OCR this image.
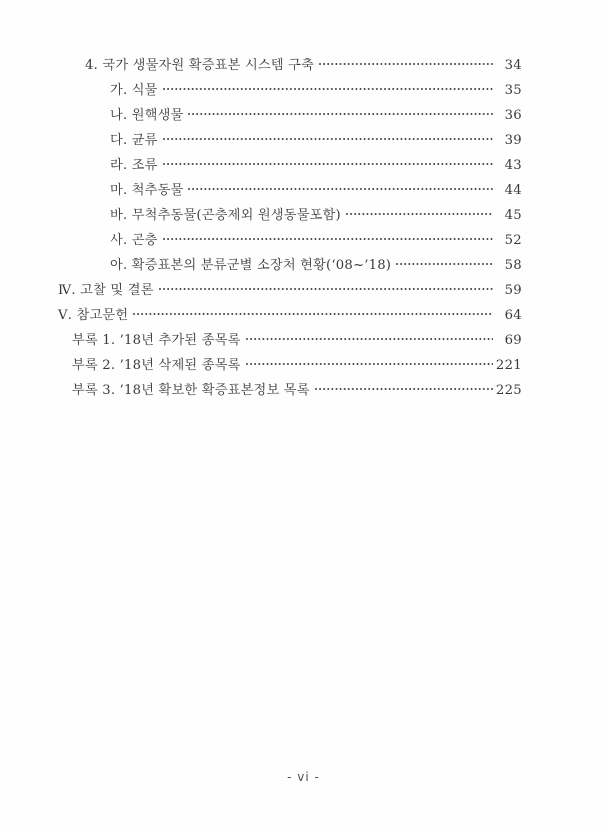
4. 국가 생물자원 확증표본 시스템 구축	34
가. 식물	35
나. 원핵생물	36
다. 균류	39
라. 조류	43
마. 척추동물	44
바. 무척추동물(곤충제외 원생동물포함)	45
사. 곤충	52
아. 확증표본의 분류군별 소장처 현황(‘08~’18)	58
Ⅳ. 고찰 및 결론	59
Ⅴ. 참고문헌	64
부록 1. ’18년 추가된 종목록	69
부록 2. ’18년 삭제된 종목록	221
부록 3. ’18년 확보한 확증표본정보 목록	225
- vi -
